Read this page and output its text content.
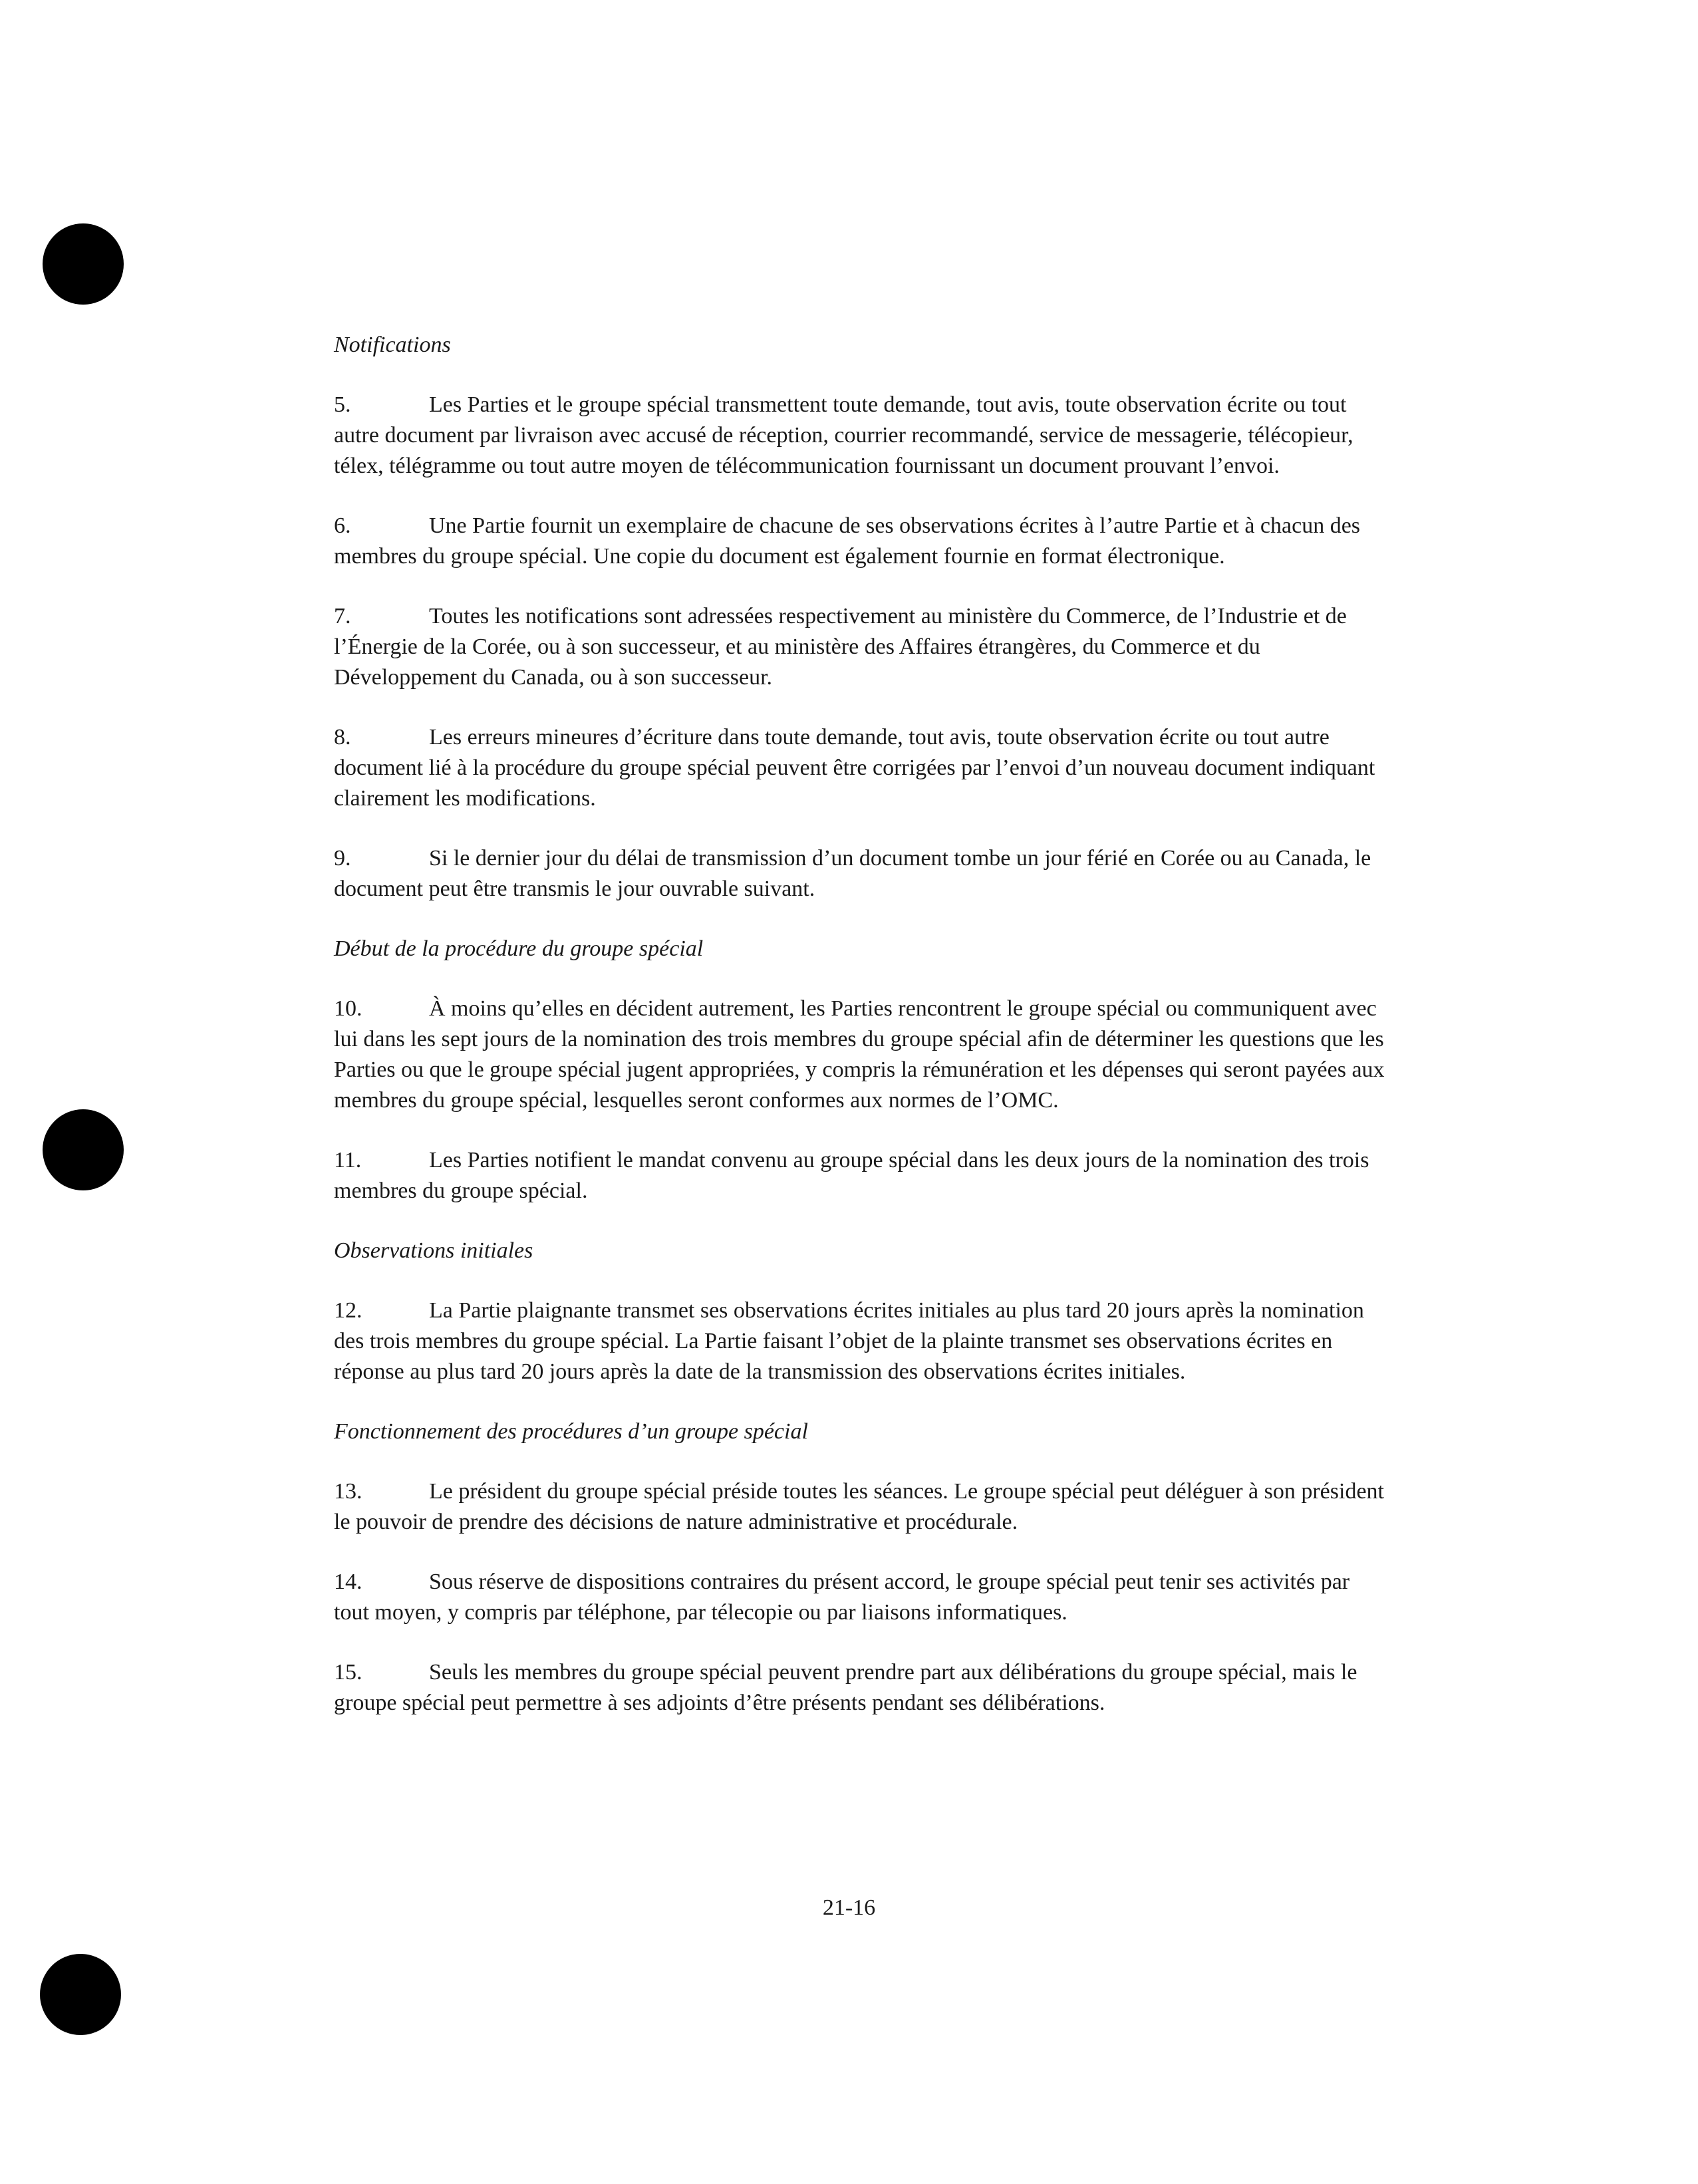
Notifications

5.	Les Parties et le groupe spécial transmettent toute demande, tout avis, toute observation écrite ou tout autre document par livraison avec accusé de réception, courrier recommandé, service de messagerie, télécopieur, télex, télégramme ou tout autre moyen de télécommunication fournissant un document prouvant l’envoi.

6.	Une Partie fournit un exemplaire de chacune de ses observations écrites à l’autre Partie et à chacun des membres du groupe spécial. Une copie du document est également fournie en format électronique.

7.	Toutes les notifications sont adressées respectivement au ministère du Commerce, de l’Industrie et de l’Énergie de la Corée, ou à son successeur, et au ministère des Affaires étrangères, du Commerce et du Développement du Canada, ou à son successeur.

8.	Les erreurs mineures d’écriture dans toute demande, tout avis, toute observation écrite ou tout autre document lié à la procédure du groupe spécial peuvent être corrigées par l’envoi d’un nouveau document indiquant clairement les modifications.

9.	Si le dernier jour du délai de transmission d’un document tombe un jour férié en Corée ou au Canada, le document peut être transmis le jour ouvrable suivant.

Début de la procédure du groupe spécial

10.	À moins qu’elles en décident autrement, les Parties rencontrent le groupe spécial ou communiquent avec lui dans les sept jours de la nomination des trois membres du groupe spécial afin de déterminer les questions que les Parties ou que le groupe spécial jugent appropriées, y compris la rémunération et les dépenses qui seront payées aux membres du groupe spécial, lesquelles seront conformes aux normes de l’OMC.

11.	Les Parties notifient le mandat convenu au groupe spécial dans les deux jours de la nomination des trois membres du groupe spécial.

Observations initiales

12.	La Partie plaignante transmet ses observations écrites initiales au plus tard 20 jours après la nomination des trois membres du groupe spécial. La Partie faisant l’objet de la plainte transmet ses observations écrites en réponse au plus tard 20 jours après la date de la transmission des observations écrites initiales.

Fonctionnement des procédures d’un groupe spécial

13.	Le président du groupe spécial préside toutes les séances. Le groupe spécial peut déléguer à son président le pouvoir de prendre des décisions de nature administrative et procédurale.

14.	Sous réserve de dispositions contraires du présent accord, le groupe spécial peut tenir ses activités par tout moyen, y compris par téléphone, par télecopie ou par liaisons informatiques.

15.	Seuls les membres du groupe spécial peuvent prendre part aux délibérations du groupe spécial, mais le groupe spécial peut permettre à ses adjoints d’être présents pendant ses délibérations.

21-16
